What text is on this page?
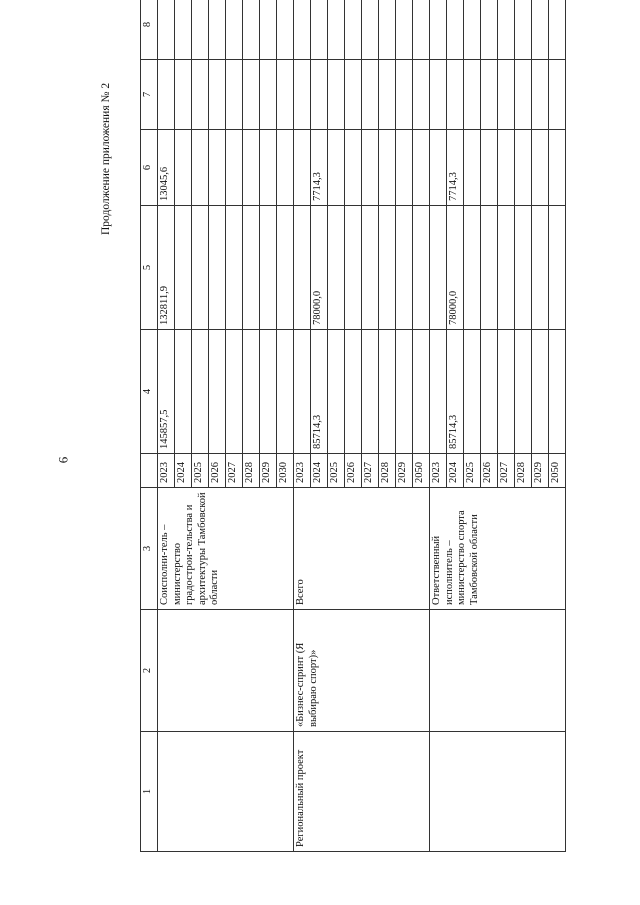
6
Продолжение приложения № 2
1	2	3		4	5	6	7	8
		Соисполни-тель – министерство градострои-тельства и архитектуры Тамбовской области	2023	145857,5	132811,9	13045,6		
			2024					
			2025					
			2026					
			2027					
			2028					
			2029					
			2030					
Региональный проект	«Бизнес-спринт (Я выбираю спорт)»	Всего	2023					
			2024	85714,3	78000,0	7714,3		
			2025					
			2026					
			2027					
			2028					
			2029					
			2050					
		Ответственный исполнитель – министерство спорта Тамбовской области	2023					
			2024	85714,3	78000,0	7714,3		
			2025					
			2026					
			2027					
			2028					
			2029					
			2050					
